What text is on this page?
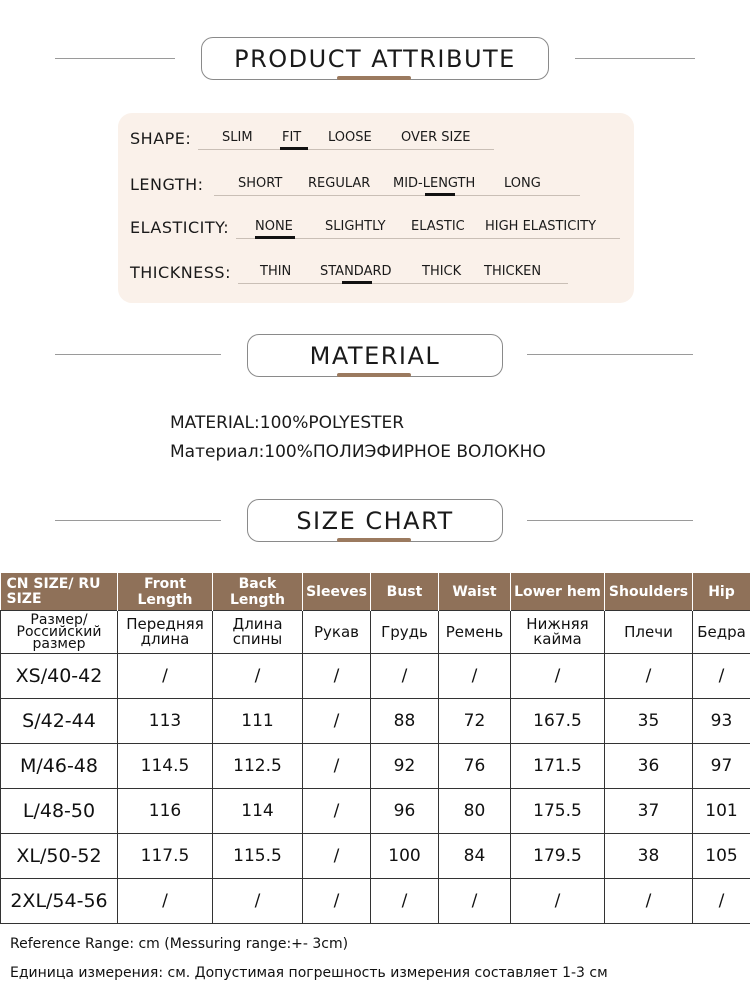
PRODUCT ATTRIBUTE
SHAPE: SLIM FIT LOOSE OVER SIZE
LENGTH:	SHORT REGULAR MID-LENGTH LONG
ELASTICITY: NONE SLIGHTLY ELASTIC HIGH ELASTICITY
THICKNESS: THIN STANDARD THICK THICKEN
MATERIAL
MATERIAL:100%POLYESTER
Материал:100%ПОЛИЭФИРНОЕ ВОЛОКНО
SIZE CHART
CN SIZE/ RU SIZE	Front Length	Back Length	Sleeves	Bust	Waist	Lower hem	Shoulders	Hip
Размер/ Российский размер	Передняя длина	Длина спины	Рукав	Грудь	Ремень	Нижняя кайма	Плечи	Бедра
XS/40-42	/	/	/	/	/	/	/	/
S/42-44	113	111	/	88	72	167.5	35	93
M/46-48	114.5	112.5	/	92	76	171.5	36	97
L/48-50	116	114	/	96	80	175.5	37	101
XL/50-52	117.5	115.5	/	100	84	179.5	38	105
2XL/54-56	/	/	/	/	/	/	/	/
Reference Range: cm (Messuring range:+- 3cm)
Единица измерения: см. Допустимая погрешность измерения составляет 1-3 см
